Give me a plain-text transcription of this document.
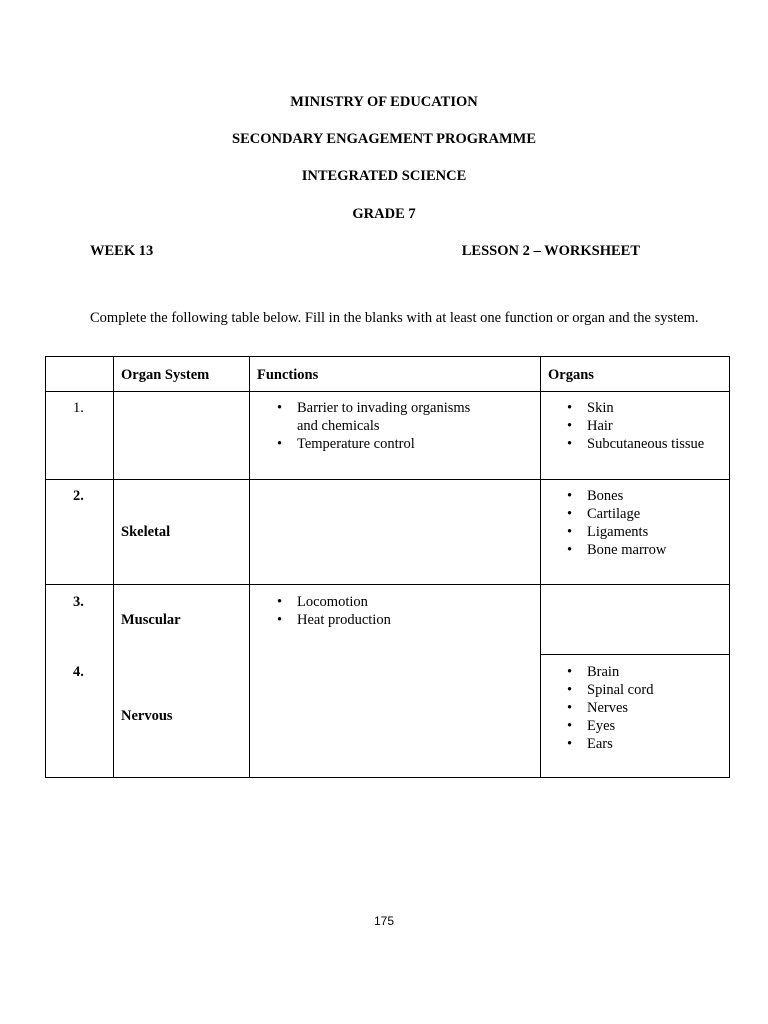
MINISTRY OF EDUCATION
SECONDARY ENGAGEMENT PROGRAMME
INTEGRATED SCIENCE
GRADE 7
WEEK 13	LESSON 2 – WORKSHEET
Complete the following table below. Fill in the blanks with at least one function or organ and the system.
Organ System	Functions	Organs
1.
•	Barrier to invading organisms and chemicals
• Temperature control
• Skin
• Hair
• Subcutaneous tissue
2.
Skeletal
• Bones
• Cartilage
• Ligaments
• Bone marrow
3.
Muscular
• Locomotion
• Heat production
4.
Nervous
• Brain
• Spinal cord
• Nerves
• Eyes
• Ears
175
